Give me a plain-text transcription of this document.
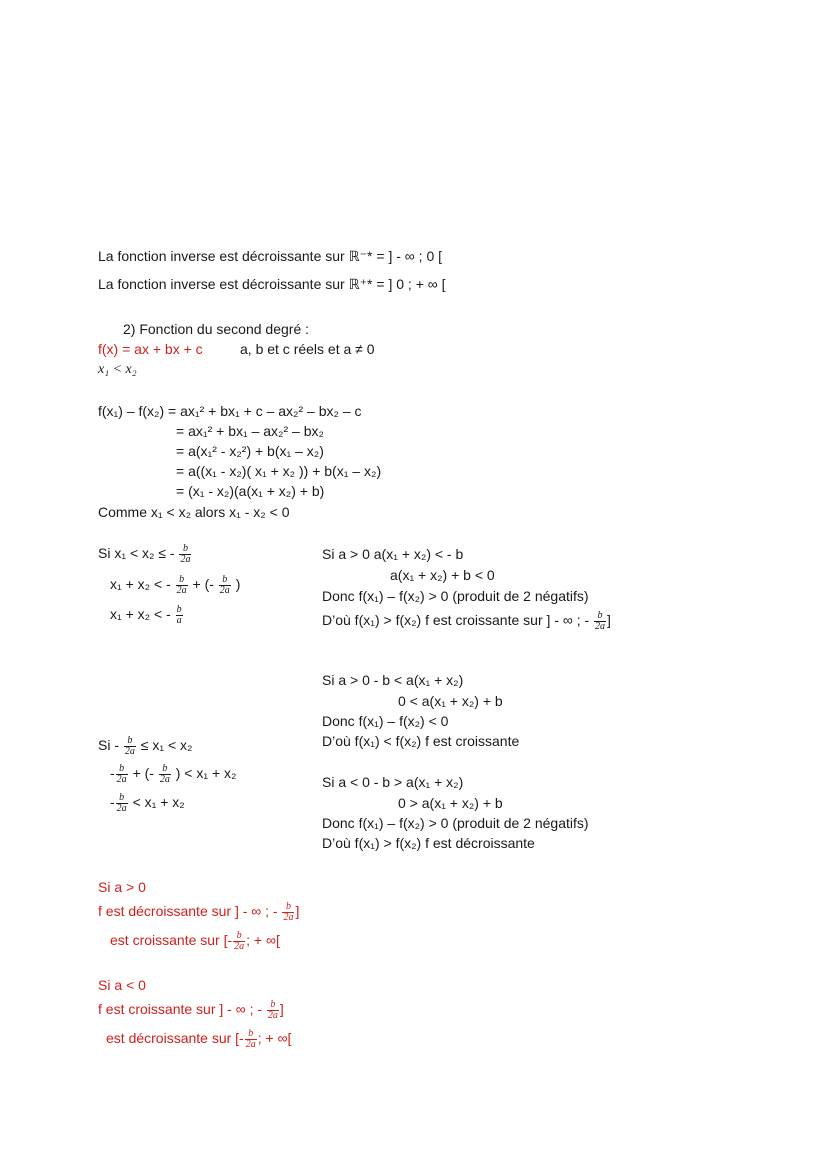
La fonction inverse est décroissante sur ℝ⁻* = ] - ∞ ; 0 [
La fonction inverse est décroissante sur ℝ⁺* = ] 0 ; + ∞ [
2) Fonction du second degré :
f(x) = ax + bx + c	a, b et c réels et a ≠ 0
x₁ < x₂
f(x₁) – f(x₂) = ax₁² + bx₁ + c – ax₂² – bx₂ – c
= ax₁² + bx₁ – ax₂² – bx₂
= a(x₁² - x₂²) + b(x₁ – x₂)
= a((x₁ - x₂)( x₁ + x₂ )) + b(x₁ – x₂)
= (x₁ - x₂)(a(x₁ + x₂) + b)
Comme x₁ < x₂ alors x₁ - x₂ < 0
Si x₁ < x₂ ≤ - $\frac{b}{2a}$
x₁ + x₂ < - $\frac{b}{2a}$ + (- $\frac{b}{2a}$ )
x₁ + x₂ < - $\frac{b}{a}$
Si a > 0 a(x₁ + x₂) < - b
a(x₁ + x₂) + b < 0
Donc f(x₁) – f(x₂) > 0 (produit de 2 négatifs)
D’où f(x₁) > f(x₂) f est croissante sur ] - ∞ ; - $\frac{b}{2a}$ ]
Si a > 0 - b < a(x₁ + x₂)
0 < a(x₁ + x₂) + b
Donc f(x₁) – f(x₂) < 0
D’où f(x₁) < f(x₂) f est croissante
$Si - \frac{b}{2a} \le x_1 < x_2$
- $\frac{b}{2a}$ + (- $\frac{b}{2a}$ ) < x₁ + x₂
- $\frac{b}{2a} < x_1 + x_2$
Si a < 0 - b > a(x₁ + x₂)
0 > a(x₁ + x₂) + b
Donc f(x₁) – f(x₂) > 0 (produit de 2 négatifs)
D’où f(x₁) > f(x₂) f est décroissante
Si a > 0
f est décroissante sur ] - ∞ ; - $\frac{b}{2a}$ ]
est croissante sur [- $\frac{b}{2a}$ ; + ∞[
Si a < 0
f est croissante sur ] - ∞ ; - $\frac{b}{2a}$ ]
est décroissante sur [- $\frac{b}{2a}$ ; + ∞[
